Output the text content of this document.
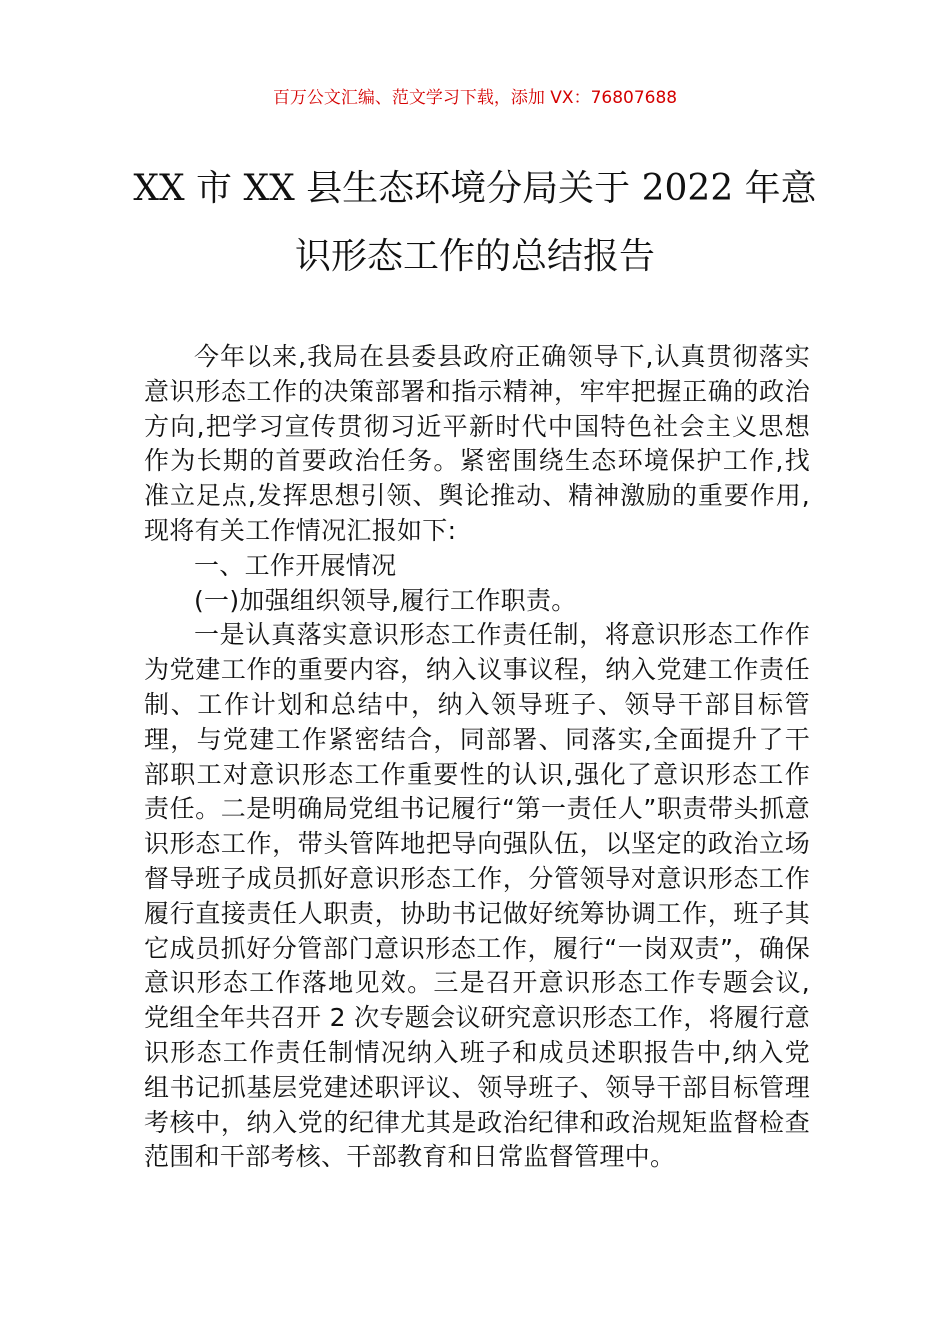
百万公文汇编、范文学习下载，添加 VX：76807688
XX 市 XX 县生态环境分局关于 2022 年意
识形态工作的总结报告

今年以来,我局在县委县政府正确领导下,认真贯彻落实意识形态工作的决策部署和指示精神，牢牢把握正确的政治方向,把学习宣传贯彻习近平新时代中国特色社会主义思想作为长期的首要政治任务。紧密围绕生态环境保护工作,找准立足点,发挥思想引领、舆论推动、精神激励的重要作用,现将有关工作情况汇报如下:

一、工作开展情况

(一)加强组织领导,履行工作职责。

一是认真落实意识形态工作责任制，将意识形态工作作为党建工作的重要内容，纳入议事议程，纳入党建工作责任制、工作计划和总结中，纳入领导班子、领导干部目标管理，与党建工作紧密结合，同部署、同落实,全面提升了干部职工对意识形态工作重要性的认识,强化了意识形态工作责任。二是明确局党组书记履行“第一责任人”职责带头抓意识形态工作，带头管阵地把导向强队伍，以坚定的政治立场督导班子成员抓好意识形态工作，分管领导对意识形态工作履行直接责任人职责，协助书记做好统筹协调工作，班子其它成员抓好分管部门意识形态工作，履行“一岗双责”，确保意识形态工作落地见效。三是召开意识形态工作专题会议,党组全年共召开 2 次专题会议研究意识形态工作，将履行意识形态工作责任制情况纳入班子和成员述职报告中,纳入党组书记抓基层党建述职评议、领导班子、领导干部目标管理考核中，纳入党的纪律尤其是政治纪律和政治规矩监督检查范围和干部考核、干部教育和日常监督管理中。
